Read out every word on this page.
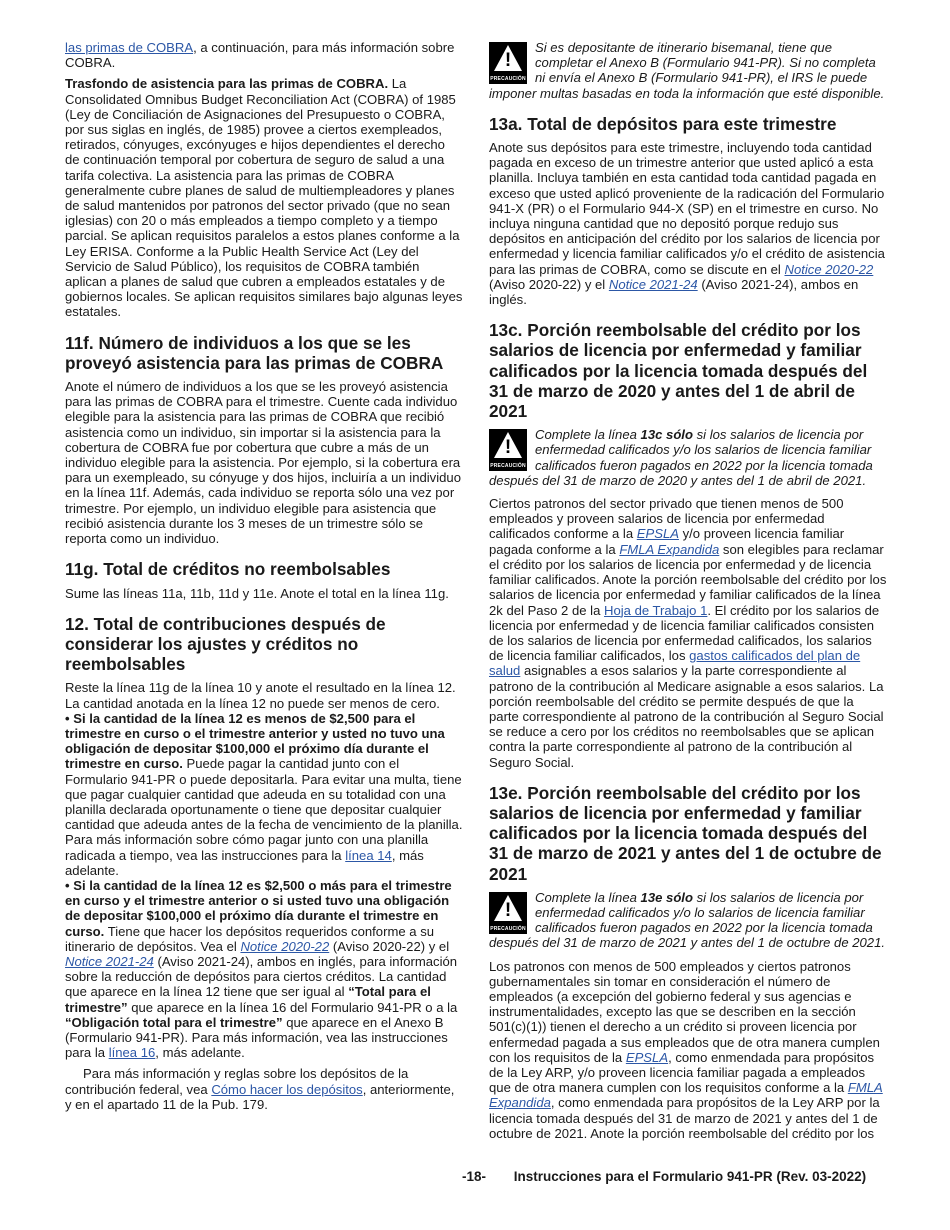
las primas de COBRA, a continuación, para más información sobre COBRA.

Trasfondo de asistencia para las primas de COBRA. La Consolidated Omnibus Budget Reconciliation Act (COBRA) of 1985 (Ley de Conciliación de Asignaciones del Presupuesto o COBRA, por sus siglas en inglés, de 1985) provee a ciertos exempleados, retirados, cónyuges, excónyuges e hijos dependientes el derecho de continuación temporal por cobertura de seguro de salud a una tarifa colectiva. La asistencia para las primas de COBRA generalmente cubre planes de salud de multiempleadores y planes de salud mantenidos por patronos del sector privado (que no sean iglesias) con 20 o más empleados a tiempo completo y a tiempo parcial. Se aplican requisitos paralelos a estos planes conforme a la Ley ERISA. Conforme a la Public Health Service Act (Ley del Servicio de Salud Público), los requisitos de COBRA también aplican a planes de salud que cubren a empleados estatales y de gobiernos locales. Se aplican requisitos similares bajo algunas leyes estatales.

11f. Número de individuos a los que se les proveyó asistencia para las primas de COBRA

Anote el número de individuos a los que se les proveyó asistencia para las primas de COBRA para el trimestre. Cuente cada individuo elegible para la asistencia para las primas de COBRA que recibió asistencia como un individuo, sin importar si la asistencia para la cobertura de COBRA fue por cobertura que cubre a más de un individuo elegible para la asistencia. Por ejemplo, si la cobertura era para un exempleado, su cónyuge y dos hijos, incluiría a un individuo en la línea 11f. Además, cada individuo se reporta sólo una vez por trimestre. Por ejemplo, un individuo elegible para asistencia que recibió asistencia durante los 3 meses de un trimestre sólo se reporta como un individuo.

11g. Total de créditos no reembolsables

Sume las líneas 11a, 11b, 11d y 11e. Anote el total en la línea 11g.

12. Total de contribuciones después de considerar los ajustes y créditos no reembolsables

Reste la línea 11g de la línea 10 y anote el resultado en la línea 12. La cantidad anotada en la línea 12 no puede ser menos de cero.

• Si la cantidad de la línea 12 es menos de $2,500 para el trimestre en curso o el trimestre anterior y usted no tuvo una obligación de depositar $100,000 el próximo día durante el trimestre en curso. Puede pagar la cantidad junto con el Formulario 941-PR o puede depositarla. Para evitar una multa, tiene que pagar cualquier cantidad que adeuda en su totalidad con una planilla declarada oportunamente o tiene que depositar cualquier cantidad que adeuda antes de la fecha de vencimiento de la planilla. Para más información sobre cómo pagar junto con una planilla radicada a tiempo, vea las instrucciones para la línea 14, más adelante.

• Si la cantidad de la línea 12 es $2,500 o más para el trimestre en curso y el trimestre anterior o si usted tuvo una obligación de depositar $100,000 el próximo día durante el trimestre en curso. Tiene que hacer los depósitos requeridos conforme a su itinerario de depósitos. Vea el Notice 2020-22 (Aviso 2020-22) y el Notice 2021-24 (Aviso 2021-24), ambos en inglés, para información sobre la reducción de depósitos para ciertos créditos. La cantidad que aparece en la línea 12 tiene que ser igual al “Total para el trimestre” que aparece en la línea 16 del Formulario 941-PR o a la “Obligación total para el trimestre” que aparece en el Anexo B (Formulario 941-PR). Para más información, vea las instrucciones para la línea 16, más adelante.

Para más información y reglas sobre los depósitos de la contribución federal, vea Cómo hacer los depósitos, anteriormente, y en el apartado 11 de la Pub. 179.

!
PRECAUCIÓN
Si es depositante de itinerario bisemanal, tiene que completar el Anexo B (Formulario 941-PR). Si no completa ni envía el Anexo B (Formulario 941-PR), el IRS le puede imponer multas basadas en toda la información que esté disponible.
13a. Total de depósitos para este trimestre

Anote sus depósitos para este trimestre, incluyendo toda cantidad pagada en exceso de un trimestre anterior que usted aplicó a esta planilla. Incluya también en esta cantidad toda cantidad pagada en exceso que usted aplicó proveniente de la radicación del Formulario 941-X (PR) o el Formulario 944-X (SP) en el trimestre en curso. No incluya ninguna cantidad que no depositó porque redujo sus depósitos en anticipación del crédito por los salarios de licencia por enfermedad y licencia familiar calificados y/o el crédito de asistencia para las primas de COBRA, como se discute en el Notice 2020-22 (Aviso 2020-22) y el Notice 2021-24 (Aviso 2021-24), ambos en inglés.

13c. Porción reembolsable del crédito por los salarios de licencia por enfermedad y familiar calificados por la licencia tomada después del 31 de marzo de 2020 y antes del 1 de abril de 2021
!
PRECAUCIÓN
Complete la línea 13c sólo si los salarios de licencia por enfermedad calificados y/o los salarios de licencia familiar calificados fueron pagados en 2022 por la licencia tomada después del 31 de marzo de 2020 y antes del 1 de abril de 2021.

Ciertos patronos del sector privado que tienen menos de 500 empleados y proveen salarios de licencia por enfermedad calificados conforme a la EPSLA y/o proveen licencia familiar pagada conforme a la FMLA Expandida son elegibles para reclamar el crédito por los salarios de licencia por enfermedad y de licencia familiar calificados. Anote la porción reembolsable del crédito por los salarios de licencia por enfermedad y familiar calificados de la línea 2k del Paso 2 de la Hoja de Trabajo 1. El crédito por los salarios de licencia por enfermedad y de licencia familiar calificados consisten de los salarios de licencia por enfermedad calificados, los salarios de licencia familiar calificados, los gastos calificados del plan de salud asignables a esos salarios y la parte correspondiente al patrono de la contribución al Medicare asignable a esos salarios. La porción reembolsable del crédito se permite después de que la parte correspondiente al patrono de la contribución al Seguro Social se reduce a cero por los créditos no reembolsables que se aplican contra la parte correspondiente al patrono de la contribución al Seguro Social.

13e. Porción reembolsable del crédito por los salarios de licencia por enfermedad y familiar calificados por la licencia tomada después del 31 de marzo de 2021 y antes del 1 de octubre de 2021
!
PRECAUCIÓN
Complete la línea 13e sólo si los salarios de licencia por enfermedad calificados y/o lo salarios de licencia familiar calificados fueron pagados en 2022 por la licencia tomada después del 31 de marzo de 2021 y antes del 1 de octubre de 2021.

Los patronos con menos de 500 empleados y ciertos patronos gubernamentales sin tomar en consideración el número de empleados (a excepción del gobierno federal y sus agencias e instrumentalidades, excepto las que se describen en la sección 501(c)(1)) tienen el derecho a un crédito si proveen licencia por enfermedad pagada a sus empleados que de otra manera cumplen con los requisitos de la EPSLA, como enmendada para propósitos de la Ley ARP, y/o proveen licencia familiar pagada a empleados que de otra manera cumplen con los requisitos conforme a la FMLA Expandida, como enmendada para propósitos de la Ley ARP por la licencia tomada después del 31 de marzo de 2021 y antes del 1 de octubre de 2021. Anote la porción reembolsable del crédito por los

-18- Instrucciones para el Formulario 941-PR (Rev. 03-2022)
